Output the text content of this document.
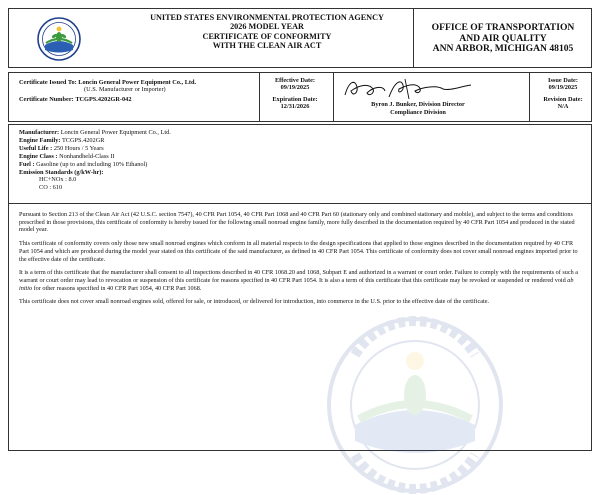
UNITED STATES ENVIRONMENTAL PROTECTION AGENCY
2026 MODEL YEAR
CERTIFICATE OF CONFORMITY
WITH THE CLEAN AIR ACT
OFFICE OF TRANSPORTATION
AND AIR QUALITY
ANN ARBOR, MICHIGAN 48105
Certificate Issued To: Loncin General Power Equipment Co., Ltd.
(U.S. Manufacturer or Importer)
Certificate Number: TCGPS.4202GR-042
Effective Date:
09/19/2025
Expiration Date:
12/31/2026	Byron J. Bunker, Division Director
Compliance Division
Issue Date:
09/19/2025
Revision Date:
N/A
Manufacturer: Loncin General Power Equipment Co., Ltd.
Engine Family: TCGPS.4202GR
Useful Life : 250 Hours / 5 Years
Engine Class : Nonhandheld-Class II
Fuel : Gasoline (up to and including 10% Ethanol)
Emission Standards (g/kW-hr):
HC+NOx : 8.0
CO : 610

Pursuant to Section 213 of the Clean Air Act (42 U.S.C. section 7547), 40 CFR Part 1054, 40 CFR Part 1068 and 40 CFR Part 60 (stationary only and combined stationary and mobile), and subject to the terms and conditions prescribed in those provisions, this certificate of conformity is hereby issued for the following small nonroad engine family, more fully described in the documentation required by 40 CFR Part 1054 and produced in the stated model year.

This certificate of conformity covers only those new small nonroad engines which conform in all material respects to the design specifications that applied to those engines described in the documentation required by 40 CFR Part 1054 and which are produced during the model year stated on this certificate of the said manufacturer, as defined in 40 CFR Part 1054. This certificate of conformity does not cover small nonroad engines imported prior to the effective date of the certificate.

It is a term of this certificate that the manufacturer shall consent to all inspections described in 40 CFR 1068.20 and 1068, Subpart E and authorized in a warrant or court order. Failure to comply with the requirements of such a warrant or court order may lead to revocation or suspension of this certificate for reasons specified in 40 CFR Part 1054. It is also a term of this certificate that this certificate may be revoked or suspended or rendered void ab initio for other reasons specified in 40 CFR Part 1054, 40 CFR Part 1068.

This certificate does not cover small nonroad engines sold, offered for sale, or introduced, or delivered for introduction, into commerce in the U.S. prior to the effective date of the certificate.
